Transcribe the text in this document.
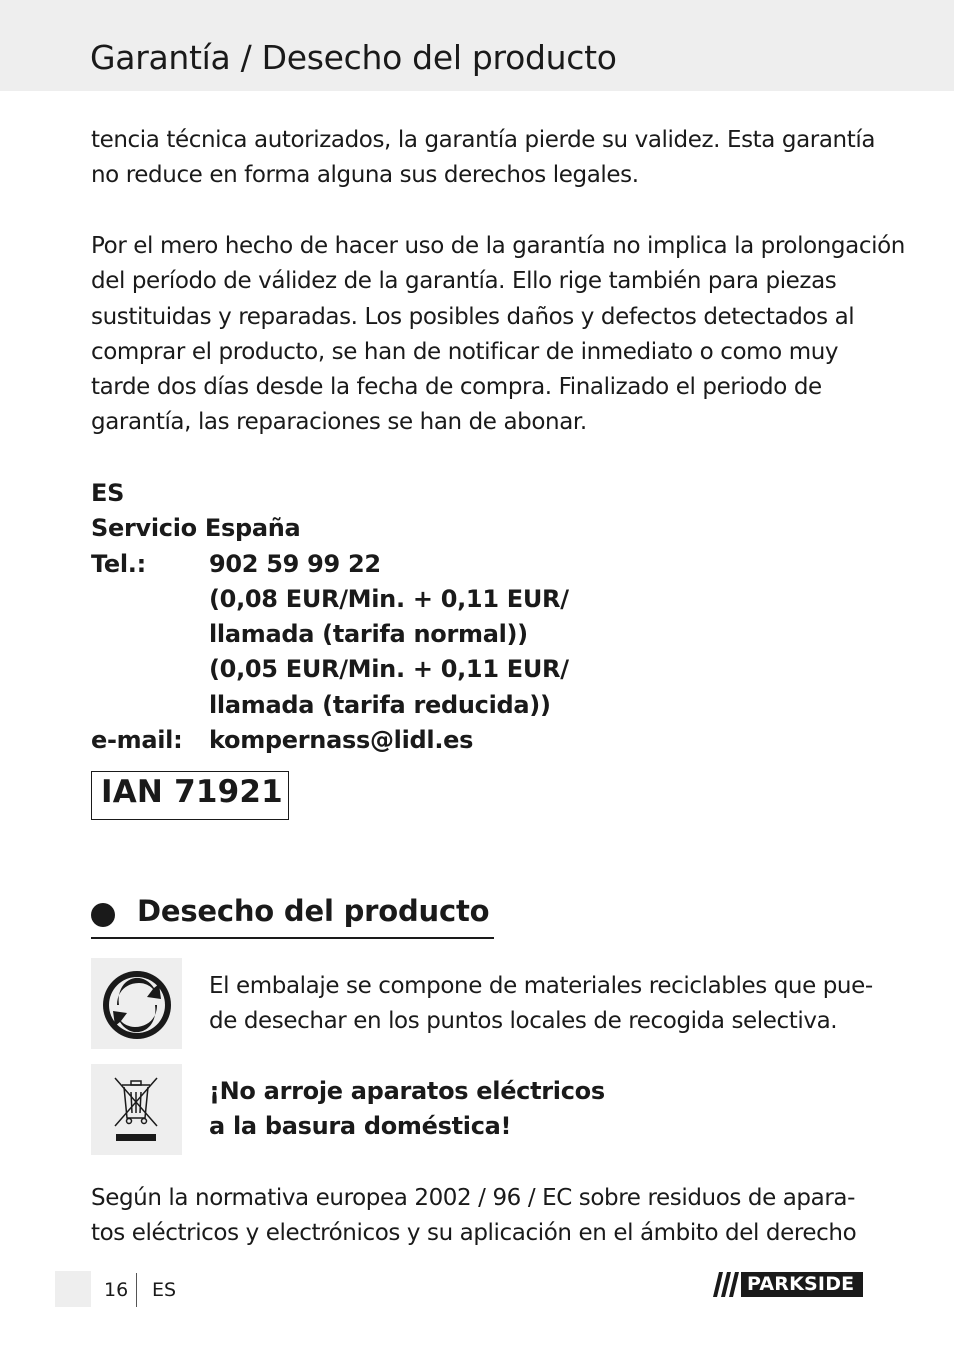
Garantía / Desecho del producto
tencia técnica autorizados, la garantía pierde su validez. Esta garantía
no reduce en forma alguna sus derechos legales.
Por el mero hecho de hacer uso de la garantía no implica la prolongación
del período de válidez de la garantía. Ello rige también para piezas
sustituidas y reparadas. Los posibles daños y defectos detectados al
comprar el producto, se han de notificar de inmediato o como muy
tarde dos días desde la fecha de compra. Finalizado el periodo de
garantía, las reparaciones se han de abonar.
ES
Servicio España
Tel.:	902 59 99 22
(0,08 EUR/Min. + 0,11 EUR/
llamada (tarifa normal))
(0,05 EUR/Min. + 0,11 EUR/
llamada (tarifa reducida))
e-mail:	kompernass@lidl.es
IAN 71921
Desecho del producto
El embalaje se compone de materiales reciclables que pue-
de desechar en los puntos locales de recogida selectiva.
¡No arroje aparatos eléctricos
a la basura doméstica!
Según la normativa europea 2002 / 96 / EC sobre residuos de apara-
tos eléctricos y electrónicos y su aplicación en el ámbito del derecho
16 ES	PARKSIDE
